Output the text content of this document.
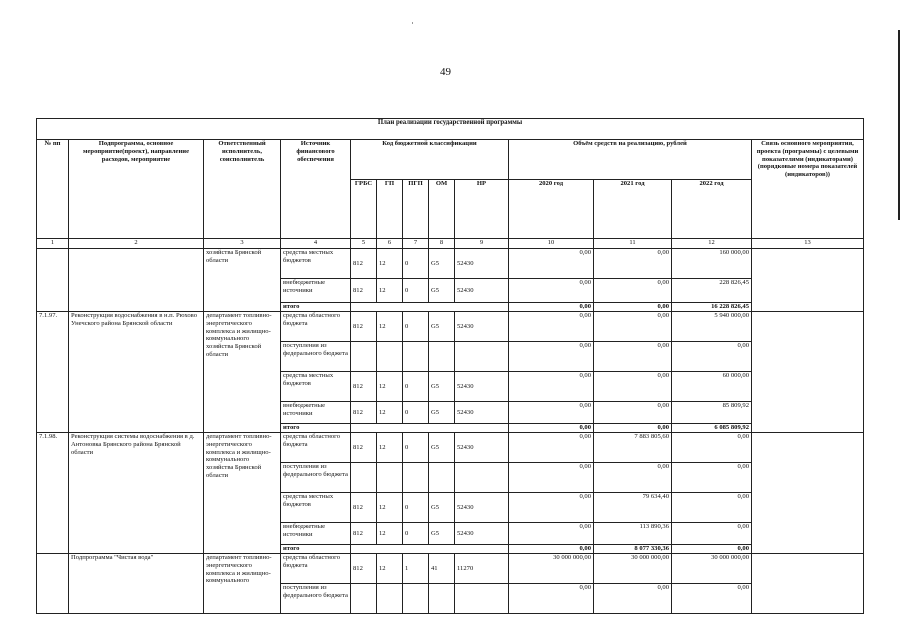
49
План реализации государственной программы												
№ пп	Подпрограмма, основное мероприятие(проект), направление расходов, мероприятие	Ответственный исполнитель, соисполнитель	Источник финансового обеспечения	Код бюджетной классификации					Объём средств на реализацию, рублей			Связь основного мероприятия, проекта (программы) с целевыми показателями (индикаторами) (порядковые номера показателей (индикаторов))
				ГРБС	ГП	ПГП	ОМ	НР	2020 год	2021 год	2022 год	
1	2	3	4	5	6	7	8	9	10	11	12	13
		хозяйства Брянской области	средства местных бюджетов	812	12	0	G5	52430	0,00	0,00	160 000,00	
			внебюджетные источники	812	12	0	G5	52430	0,00	0,00	228 826,45	
			итого						0,00	0,00	16 228 826,45	
7.1.97.	Реконструкция водоснабжения в н.п. Рюхово Унечского района Брянской области	департамент топливно-энергетического комплекса и жилищно-коммунального хозяйства Брянской области	средства областного бюджета	812	12	0	G5	52430	0,00	0,00	5 940 000,00	
			поступления из федерального бюджета						0,00	0,00	0,00	
			средства местных бюджетов	812	12	0	G5	52430	0,00	0,00	60 000,00	
			внебюджетные источники	812	12	0	G5	52430	0,00	0,00	85 809,92	
			итого						0,00	0,00	6 085 809,92	
7.1.98.	Реконструкция системы водоснабжения в д. Антоновка Брянского района Брянской области	департамент топливно-энергетического комплекса и жилищно-коммунального хозяйства Брянской области	средства областного бюджета	812	12	0	G5	52430	0,00	7 883 805,60	0,00	
			поступления из федерального бюджета						0,00	0,00	0,00	
			средства местных бюджетов	812	12	0	G5	52430	0,00	79 634,40	0,00	
			внебюджетные источники	812	12	0	G5	52430	0,00	113 890,36	0,00	
			итого						0,00	8 077 330,36	0,00	
	Подпрограмма "Чистая вода"	департамент топливно-энергетического комплекса и жилищно-коммунального	средства областного бюджета	812	12	1	41	11270	30 000 000,00	30 000 000,00	30 000 000,00	
			поступления из федерального бюджета						0,00	0,00	0,00	
